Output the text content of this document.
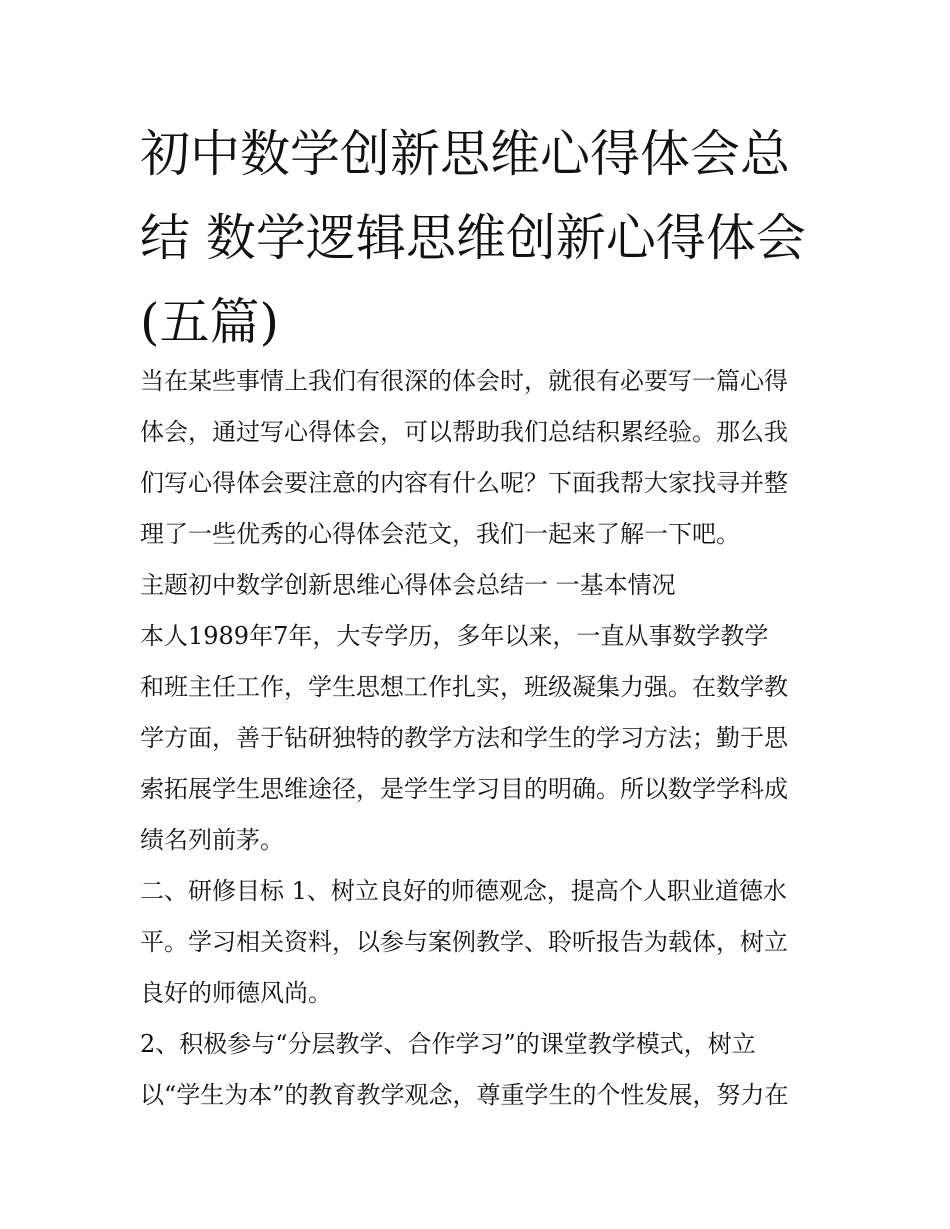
初中数学创新思维心得体会总
结 数学逻辑思维创新心得体会
(五篇)
当在某些事情上我们有很深的体会时，就很有必要写一篇心得
体会，通过写心得体会，可以帮助我们总结积累经验。那么我
们写心得体会要注意的内容有什么呢？下面我帮大家找寻并整
理了一些优秀的心得体会范文，我们一起来了解一下吧。
主题初中数学创新思维心得体会总结一 一基本情况
本人1989年7年，大专学历，多年以来，一直从事数学教学
和班主任工作，学生思想工作扎实，班级凝集力强。在数学教
学方面，善于钻研独特的教学方法和学生的学习方法；勤于思
索拓展学生思维途径，是学生学习目的明确。所以数学学科成
绩名列前茅。
二、研修目标 1、树立良好的师德观念，提高个人职业道德水
平。学习相关资料，以参与案例教学、聆听报告为载体，树立
良好的师德风尚。
2、积极参与“分层教学、合作学习”的课堂教学模式，树立
以“学生为本”的教育教学观念，尊重学生的个性发展，努力在
